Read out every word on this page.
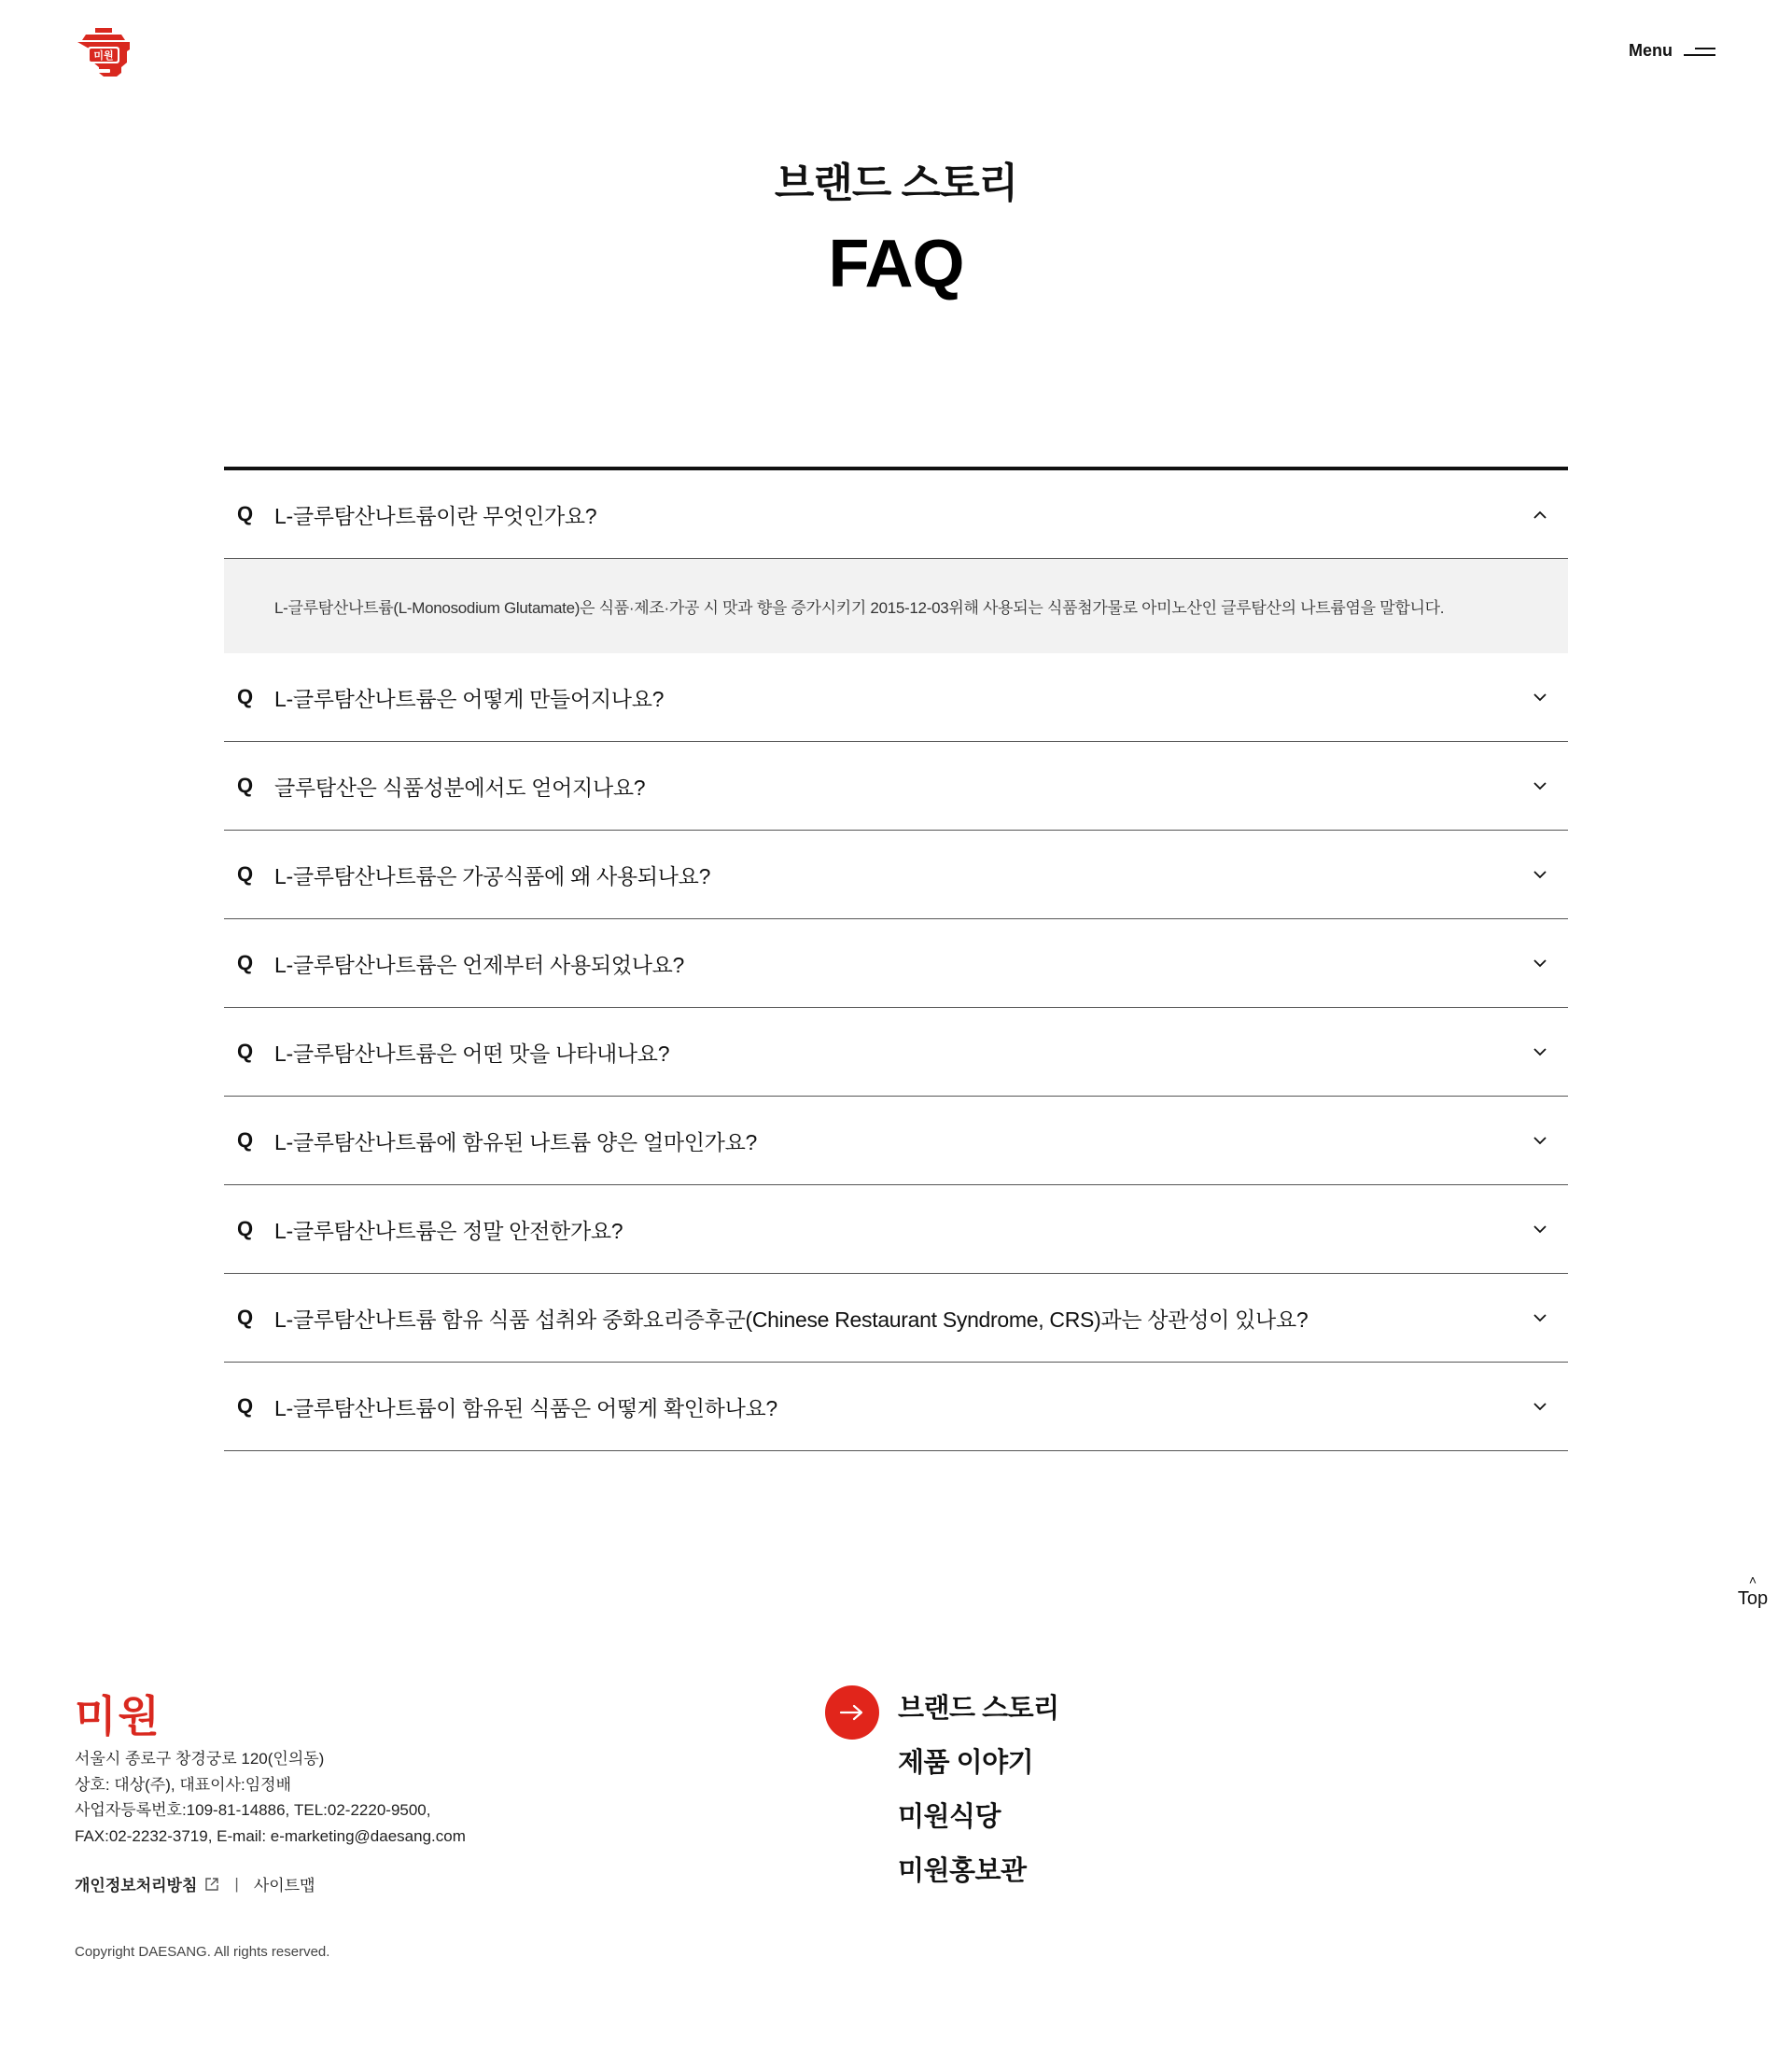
미원	Menu
브랜드 스토리
FAQ
Q L-글루탐산나트륨이란 무엇인가요?
L-글루탐산나트륨(L-Monosodium Glutamate)은 식품·제조·가공 시 맛과 향을 증가시키기 2015-12-03위해 사용되는 식품첨가물로 아미노산인 글루탐산의 나트륨염을 말합니다.
Q L-글루탐산나트륨은 어떻게 만들어지나요?
Q 글루탐산은 식품성분에서도 얻어지나요?
Q L-글루탐산나트륨은 가공식품에 왜 사용되나요?
Q L-글루탐산나트륨은 언제부터 사용되었나요?
Q L-글루탐산나트륨은 어떤 맛을 나타내나요?
Q L-글루탐산나트륨에 함유된 나트륨 양은 얼마인가요?
Q L-글루탐산나트륨은 정말 안전한가요?
Q L-글루탐산나트륨 함유 식품 섭취와 중화요리증후군(Chinese Restaurant Syndrome, CRS)과는 상관성이 있나요?
Q L-글루탐산나트륨이 함유된 식품은 어떻게 확인하나요?
˄
Top
미원
서울시 종로구 창경궁로 120(인의동)
상호: 대상(주), 대표이사:임정배
사업자등록번호:109-81-14886, TEL:02-2220-9500,
FAX:02-2232-3719, E-mail: e-marketing@daesang.com
개인정보처리방침 | 사이트맵
Copyright DAESANG. All rights reserved.
브랜드 스토리
제품 이야기
미원식당
미원홍보관
